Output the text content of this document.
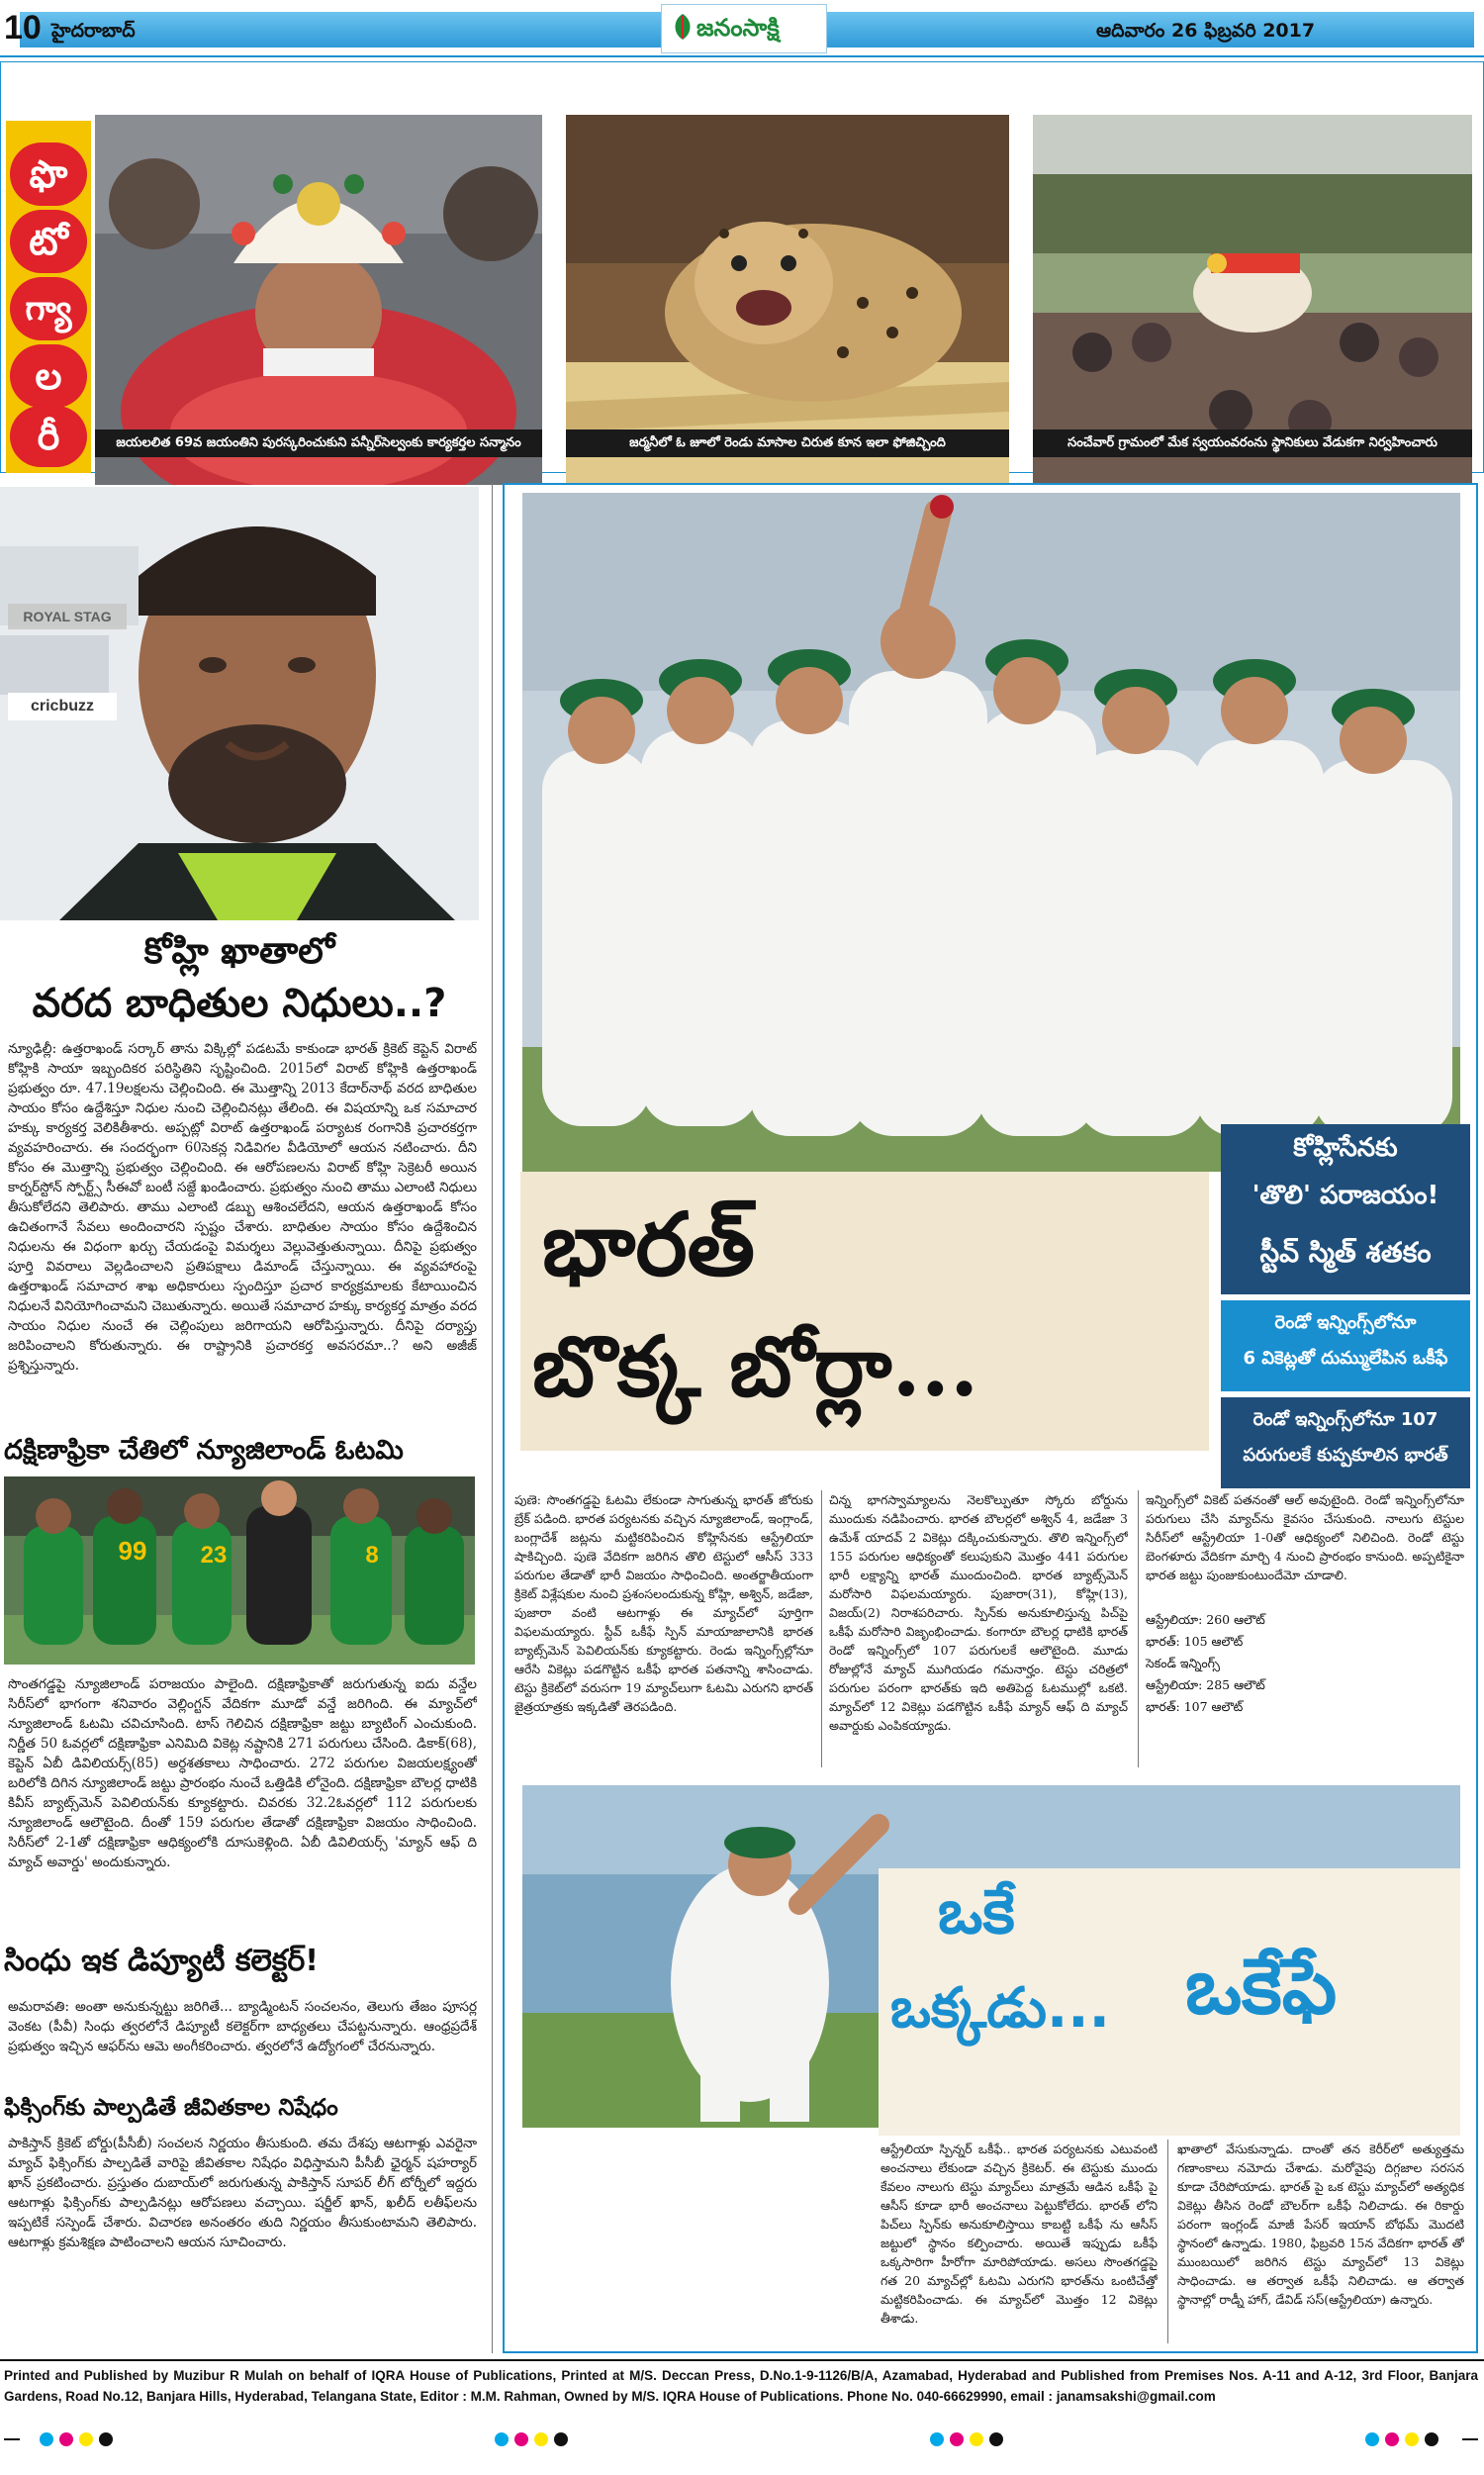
10 హైదరాబాద్	జనంసాక్షి	ఆదివారం 26 ఫిబ్రవరి 2017
ఫొ
టో
గ్యా
ల
రీ	జయలలిత 69వ జయంతిని పురస్కరించుకుని పన్నీర్‌సెల్వంకు కార్యకర్తల సన్మానం	జర్మనీలో ఓ జూలో రెండు మాసాల చిరుత కూన ఇలా ఫోజిచ్చింది	సంచేవార్ గ్రామంలో మేక స్వయంవరంను స్థానికులు వేడుకగా నిర్వహించారు
ROYAL STAG
cricbuzz
కోహ్లి ఖాతాలో
వరద బాధితుల నిధులు..?
న్యూఢిల్లీ: ఉత్తరాఖండ్ సర్కార్ తాను విక్కిల్లో పడటమే కాకుండా భారత్ క్రికెట్ కెప్టెన్ విరాట్ కోహ్లికి సాయా ఇబ్బందికర పరిస్థితిని సృష్టించింది. 2015లో విరాట్ కోహ్లికి ఉత్తరాఖండ్ ప్రభుత్వం రూ. 47.19లక్షలను చెల్లించింది. ఈ మొత్తాన్ని 2013 కేదార్‌నాథ్ వరద బాధితుల సాయం కోసం ఉద్దేశిస్తూ నిధుల నుంచి చెల్లించినట్లు తేలింది. ఈ విషయాన్ని ఒక సమాచార హక్కు కార్యకర్త వెలికితీశారు. అప్పట్లో విరాట్ ఉత్తరాఖండ్ పర్యాటక రంగానికి ప్రచారకర్తగా వ్యవహరించారు. ఈ సందర్భంగా 60సెకన్ల నిడివిగల వీడియోలో ఆయన నటించారు. దీని కోసం ఈ మొత్తాన్ని ప్రభుత్వం చెల్లించింది. ఈ ఆరోపణలను విరాట్ కోహ్లి సెక్రెటరీ అయిన కార్నర్‌స్టోన్ స్పోర్ట్స్ సీఈవో బంటీ సజ్దే ఖండించారు. ప్రభుత్వం నుంచి తాము ఎలాంటి నిధులు తీసుకోలేదని తెలిపారు. తాము ఎలాంటి డబ్బు ఆశించలేదని, ఆయన ఉత్తరాఖండ్ కోసం ఉచితంగానే సేవలు అందించారని స్పష్టం చేశారు. బాధితుల సాయం కోసం ఉద్దేశించిన నిధులను ఈ విధంగా ఖర్చు చేయడంపై విమర్శలు వెల్లువెత్తుతున్నాయి. దీనిపై ప్రభుత్వం పూర్తి వివరాలు వెల్లడించాలని ప్రతిపక్షాలు డిమాండ్ చేస్తున్నాయి. ఈ వ్యవహారంపై ఉత్తరాఖండ్ సమాచార శాఖ అధికారులు స్పందిస్తూ ప్రచార కార్యక్రమాలకు కేటాయించిన నిధులనే వినియోగించామని చెబుతున్నారు. అయితే సమాచార హక్కు కార్యకర్త మాత్రం వరద సాయం నిధుల నుంచే ఈ చెల్లింపులు జరిగాయని ఆరోపిస్తున్నారు. దీనిపై దర్యాప్తు జరిపించాలని కోరుతున్నారు. ఈ రాష్ట్రానికి ప్రచారకర్త అవసరమా..? అని అజీజ్ ప్రశ్నిస్తున్నారు.
దక్షిణాఫ్రికా చేతిలో న్యూజిలాండ్ ఓటమి
99	23	8
సొంతగడ్డపై న్యూజిలాండ్ పరాజయం పాలైంది. దక్షిణాఫ్రికాతో జరుగుతున్న ఐదు వన్డేల సిరీస్‌లో భాగంగా శనివారం వెల్లింగ్టన్ వేదికగా మూడో వన్డే జరిగింది. ఈ మ్యాచ్‌లో న్యూజిలాండ్ ఓటమి చవిచూసింది. టాస్ గెలిచిన దక్షిణాఫ్రికా జట్టు బ్యాటింగ్ ఎంచుకుంది. నిర్ణీత 50 ఓవర్లలో దక్షిణాఫ్రికా ఎనిమిది వికెట్ల నష్టానికి 271 పరుగులు చేసింది. డికాక్(68), కెప్టెన్ ఏబీ డివిలియర్స్(85) అర్ధశతకాలు సాధించారు. 272 పరుగుల విజయలక్ష్యంతో బరిలోకి దిగిన న్యూజిలాండ్ జట్టు ప్రారంభం నుంచే ఒత్తిడికి లోనైంది. దక్షిణాఫ్రికా బౌలర్ల ధాటికి కివీస్ బ్యాట్స్‌మెన్ పెవిలియన్‌కు క్యూకట్టారు. చివరకు 32.2ఓవర్లలో 112 పరుగులకు న్యూజిలాండ్ ఆలౌటైంది. దీంతో 159 పరుగుల తేడాతో దక్షిణాఫ్రికా విజయం సాధించింది. సిరీస్‌లో 2-1తో దక్షిణాఫ్రికా ఆధిక్యంలోకి దూసుకెళ్లింది. ఏబీ డివిలియర్స్ 'మ్యాన్ ఆఫ్ ది మ్యాచ్ అవార్డు' అందుకున్నారు.
సింధు ఇక డిప్యూటీ కలెక్టర్!
అమరావతి: అంతా అనుకున్నట్టు జరిగితే... బ్యాడ్మింటన్ సంచలనం, తెలుగు తేజం పూసర్ల వెంకట (పీవీ) సింధు త్వరలోనే డిప్యూటీ కలెక్టర్‌గా బాధ్యతలు చేపట్టనున్నారు. ఆంధ్రప్రదేశ్ ప్రభుత్వం ఇచ్చిన ఆఫర్‌ను ఆమె అంగీకరించారు. త్వరలోనే ఉద్యోగంలో చేరనున్నారు.
ఫిక్సింగ్‌కు పాల్పడితే జీవితకాల నిషేధం
పాకిస్తాన్ క్రికెట్ బోర్డు(పీసీబీ) సంచలన నిర్ణయం తీసుకుంది. తమ దేశపు ఆటగాళ్లు ఎవరైనా మ్యాచ్ ఫిక్సింగ్‌కు పాల్పడితే వారిపై జీవితకాల నిషేధం విధిస్తామని పీసీబీ ఛైర్మన్ షహర్యార్ ఖాన్ ప్రకటించారు. ప్రస్తుతం దుబాయ్‌లో జరుగుతున్న పాకిస్తాన్ సూపర్ లీగ్ టోర్నీలో ఇద్దరు ఆటగాళ్లు ఫిక్సింగ్‌కు పాల్పడినట్లు ఆరోపణలు వచ్చాయి. షర్జీల్ ఖాన్, ఖలీద్ లతీఫ్‌లను ఇప్పటికే సస్పెండ్ చేశారు. విచారణ అనంతరం తుది నిర్ణయం తీసుకుంటామని తెలిపారు. ఆటగాళ్లు క్రమశిక్షణ పాటించాలని ఆయన సూచించారు.
భారత్
బొక్క బోర్లా...
కోహ్లిసేనకు
'తొలి' పరాజయం!
స్టీవ్ స్మిత్ శతకం
రెండో ఇన్నింగ్స్‌లోనూ
6 వికెట్లతో దుమ్ములేపిన ఒకీఫే
రెండో ఇన్నింగ్స్‌లోనూ 107
పరుగులకే కుప్పకూలిన భారత్
పుణె: సొంతగడ్డపై ఓటమి లేకుండా సాగుతున్న భారత్ జోరుకు బ్రేక్ పడింది. భారత పర్యటనకు వచ్చిన న్యూజిలాండ్, ఇంగ్లాండ్, బంగ్లాదేశ్ జట్లను మట్టికరిపించిన కోహ్లిసేనకు ఆస్ట్రేలియా షాకిచ్చింది. పుణె వేదికగా జరిగిన తొలి టెస్టులో ఆసీస్ 333 పరుగుల తేడాతో భారీ విజయం సాధించింది. అంతర్జాతీయంగా క్రికెట్ విశ్లేషకుల నుంచి ప్రశంసలందుకున్న కోహ్లి, అశ్విన్, జడేజా, పుజారా వంటి ఆటగాళ్లు ఈ మ్యాచ్‌లో పూర్తిగా విఫలమయ్యారు. స్టీవ్ ఒకీఫే స్పిన్ మాయాజాలానికి భారత బ్యాట్స్‌మెన్ పెవిలియన్‌కు క్యూకట్టారు. రెండు ఇన్నింగ్స్‌ల్లోనూ ఆరేసి వికెట్లు పడగొట్టిన ఒకీఫే భారత పతనాన్ని శాసించాడు. టెస్టు క్రికెట్‌లో వరుసగా 19 మ్యాచ్‌లుగా ఓటమి ఎరుగని భారత్ జైత్రయాత్రకు ఇక్కడితో తెరపడింది.
చిన్న భాగస్వామ్యాలను నెలకొల్పుతూ స్కోరు బోర్డును ముందుకు నడిపించారు. భారత బౌలర్లలో అశ్విన్ 4, జడేజా 3 ఉమేశ్ యాదవ్ 2 వికెట్లు దక్కించుకున్నారు. తొలి ఇన్నింగ్స్‌లో 155 పరుగుల ఆధిక్యంతో కలుపుకుని మొత్తం 441 పరుగుల భారీ లక్ష్యాన్ని భారత్ ముందుంచింది. భారత బ్యాట్స్‌మెన్ మరోసారి విఫలమయ్యారు. పుజారా(31), కోహ్లి(13), విజయ్(2) నిరాశపరిచారు. స్పిన్‌కు అనుకూలిస్తున్న పిచ్‌పై ఒకీఫే మరోసారి విజృంభించాడు. కంగారూ బౌలర్ల ధాటికి భారత్ రెండో ఇన్నింగ్స్‌లో 107 పరుగులకే ఆలౌటైంది. మూడు రోజుల్లోనే మ్యాచ్ ముగియడం గమనార్హం. టెస్టు చరిత్రలో పరుగుల పరంగా భారత్‌కు ఇది అతిపెద్ద ఓటముల్లో ఒకటి. మ్యాచ్‌లో 12 వికెట్లు పడగొట్టిన ఒకీఫే మ్యాన్ ఆఫ్ ది మ్యాచ్ అవార్డుకు ఎంపికయ్యాడు.
ఇన్నింగ్స్‌లో వికెట్ పతనంతో ఆల్ అవుటైంది. రెండో ఇన్నింగ్స్‌లోనూ పరుగులు చేసి మ్యాచ్‌ను కైవసం చేసుకుంది. నాలుగు టెస్టుల సిరీస్‌లో ఆస్ట్రేలియా 1-0తో ఆధిక్యంలో నిలిచింది. రెండో టెస్టు బెంగళూరు వేదికగా మార్చి 4 నుంచి ప్రారంభం కానుంది. అప్పటికైనా భారత జట్టు పుంజుకుంటుందేమో చూడాలి.
ఆస్ట్రేలియా: 260 ఆలౌట్
భారత్: 105 ఆలౌట్
సెకండ్ ఇన్నింగ్స్
ఆస్ట్రేలియా: 285 ఆలౌట్
భారత్: 107 ఆలౌట్
ఒకే
ఒక్కడు... ఒకేఫే
ఆస్ట్రేలియా స్పిన్నర్ ఒకీఫే.. భారత పర్యటనకు ఎటువంటి అంచనాలు లేకుండా వచ్చిన క్రికెటర్. ఈ టెస్టుకు ముందు కేవలం నాలుగు టెస్టు మ్యాచ్‌లు మాత్రమే ఆడిన ఒకీఫే పై ఆసీస్ కూడా భారీ అంచనాలు పెట్టుకోలేదు. భారత్ లోని పిచ్‌లు స్పిన్‌కు అనుకూలిస్తాయి కాబట్టి ఒకీఫే ను ఆసీస్ జట్టులో స్థానం కల్పించారు. అయితే ఇప్పుడు ఒకీఫే ఒక్కసారిగా హీరోగా మారిపోయాడు. అసలు సొంతగడ్డపై గత 20 మ్యాచ్‌ల్లో ఓటమి ఎరుగని భారత్‌ను ఒంటిచేత్తో మట్టికరిపించాడు. ఈ మ్యాచ్‌లో మొత్తం 12 వికెట్లు తీశాడు.
ఖాతాలో వేసుకున్నాడు. దాంతో తన కెరీర్‌లో అత్యుత్తమ గణాంకాలు నమోదు చేశాడు. మరోవైపు దిగ్గజాల సరసన కూడా చేరిపోయాడు. భారత్ పై ఒక టెస్టు మ్యాచ్‌లో అత్యధిక వికెట్లు తీసిన రెండో బౌలర్‌గా ఒకీఫే నిలిచాడు. ఈ రికార్డు పరంగా ఇంగ్లండ్ మాజీ పేసర్ ఇయాన్ బోథమ్ మొదటి స్థానంలో ఉన్నాడు. 1980, ఫిబ్రవరి 15న వేదికగా భారత్ తో ముంబయిలో జరిగిన టెస్టు మ్యాచ్‌లో 13 వికెట్లు సాధించాడు. ఆ తర్వాత ఒకీఫే నిలిచాడు. ఆ తర్వాత స్థానాల్లో రాడ్నీ హాగ్, డేవిడ్ సస్(ఆస్ట్రేలియా) ఉన్నారు.
Printed and Published by Muzibur R Mulah on behalf of IQRA House of Publications, Printed at M/S. Deccan Press, D.No.1-9-1126/B/A, Azamabad, Hyderabad and Published from Premises Nos. A-11 and A-12, 3rd Floor, Banjara Gardens, Road No.12, Banjara Hills, Hyderabad, Telangana State, Editor : M.M. Rahman, Owned by M/S. IQRA House of Publications. Phone No. 040-66629990, email : janamsakshi@gmail.com
